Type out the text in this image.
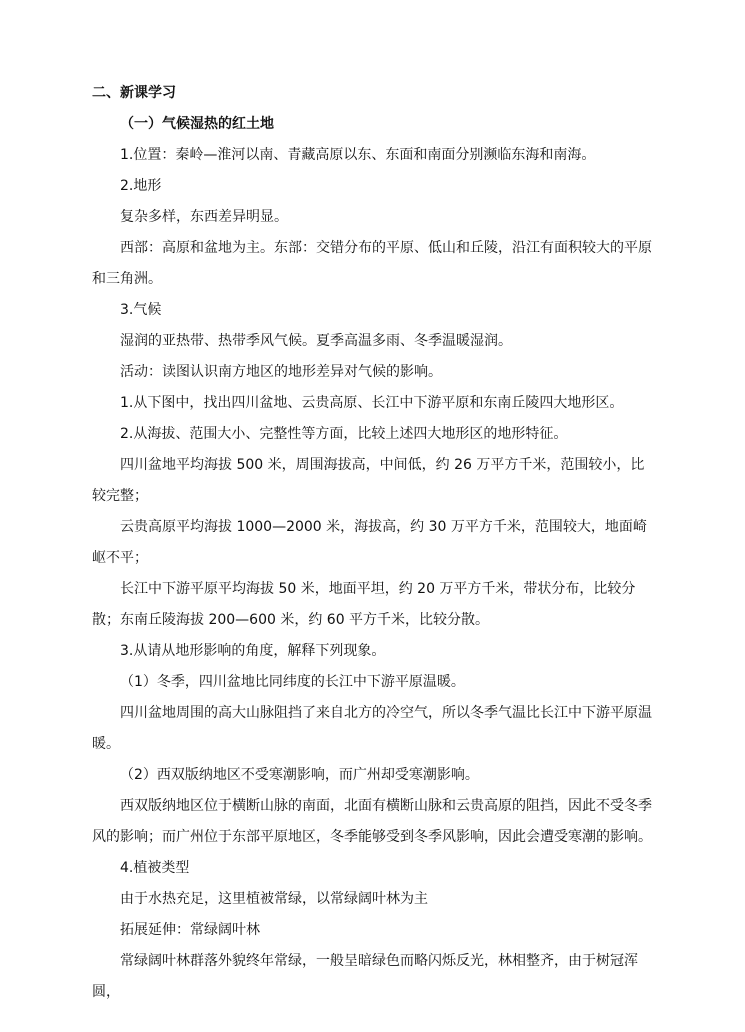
二、新课学习
（一）气候湿热的红土地
1.位置：秦岭—淮河以南、青藏高原以东、东面和南面分别濒临东海和南海。
2.地形
复杂多样，东西差异明显。
西部：高原和盆地为主。东部：交错分布的平原、低山和丘陵，沿江有面积较大的平原和三角洲。
3.气候
湿润的亚热带、热带季风气候。夏季高温多雨、冬季温暖湿润。
活动：读图认识南方地区的地形差异对气候的影响。
1.从下图中，找出四川盆地、云贵高原、长江中下游平原和东南丘陵四大地形区。
2.从海拔、范围大小、完整性等方面，比较上述四大地形区的地形特征。
四川盆地平均海拔 500 米，周围海拔高，中间低，约 26 万平方千米，范围较小，比较完整；
云贵高原平均海拔 1000—2000 米，海拔高，约 30 万平方千米，范围较大，地面崎岖不平；
长江中下游平原平均海拔 50 米，地面平坦，约 20 万平方千米，带状分布，比较分散； 东南丘陵海拔 200—600 米，约 60 平方千米，比较分散。
3.从请从地形影响的角度，解释下列现象。
（1）冬季，四川盆地比同纬度的长江中下游平原温暖。
四川盆地周围的高大山脉阻挡了来自北方的冷空气，所以冬季气温比长江中下游平原温暖。
（2）西双版纳地区不受寒潮影响，而广州却受寒潮影响。
西双版纳地区位于横断山脉的南面，北面有横断山脉和云贵高原的阻挡，因此不受冬季风的影响；而广州位于东部平原地区，冬季能够受到冬季风影响，因此会遭受寒潮的影响。
4.植被类型
由于水热充足，这里植被常绿，以常绿阔叶林为主
拓展延伸：常绿阔叶林
常绿阔叶林群落外貌终年常绿，一般呈暗绿色而略闪烁反光，林相整齐，由于树冠浑圆，
